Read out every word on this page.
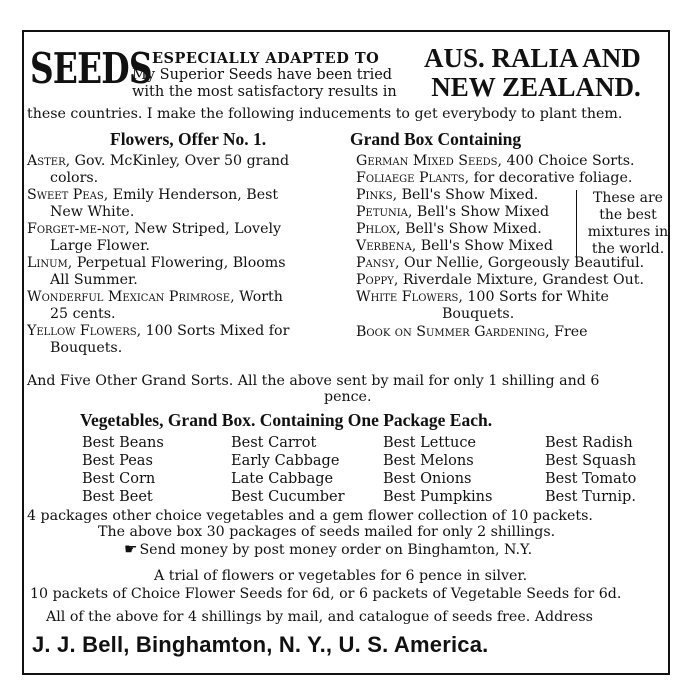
SEEDS ESPECIALLY ADAPTED TO
My Superior Seeds have been tried
with the most satisfactory results in
AUS. RALIA AND
NEW ZEALAND.
these countries. I make the following inducements to get everybody to plant them.
Flowers, Offer No. 1.	Grand Box Containing
These are
the best
mixtures in
the world.
And Five Other Grand Sorts. All the above sent by mail for only 1 shilling and 6
pence.
Vegetables, Grand Box. Containing One Package Each.
4 packages other choice vegetables and a gem flower collection of 10 packets.
The above box 30 packages of seeds mailed for only 2 shillings.
☛ Send money by post money order on Binghamton, N.Y.
A trial of flowers or vegetables for 6 pence in silver.
10 packets of Choice Flower Seeds for 6d, or 6 packets of Vegetable Seeds for 6d.
All of the above for 4 shillings by mail, and catalogue of seeds free. Address
J. J. Bell, Binghamton, N. Y., U. S. America.
Aster, Gov. McKinley, Over 50 grand
colors.
Sweet Peas, Emily Henderson, Best
New White.
Forget-me-not, New Striped, Lovely
Large Flower.
Linum, Perpetual Flowering, Blooms
All Summer.
Wonderful Mexican Primrose, Worth
25 cents.
Yellow Flowers, 100 Sorts Mixed for
Bouquets.
German Mixed Seeds, 400 Choice Sorts.
Foliaege Plants, for decorative foliage.
Pinks, Bell's Show Mixed.
Petunia, Bell's Show Mixed
Phlox, Bell's Show Mixed.
Verbena, Bell's Show Mixed
Pansy, Our Nellie, Gorgeously Beautiful.
Poppy, Riverdale Mixture, Grandest Out.
White Flowers, 100 Sorts for White
Bouquets.
Book on Summer Gardening, Free
Best Beans
Best Peas
Best Corn
Best Beet
Best Carrot
Early Cabbage
Late Cabbage
Best Cucumber
Best Lettuce
Best Melons
Best Onions
Best Pumpkins
Best Radish
Best Squash
Best Tomato
Best Turnip.
